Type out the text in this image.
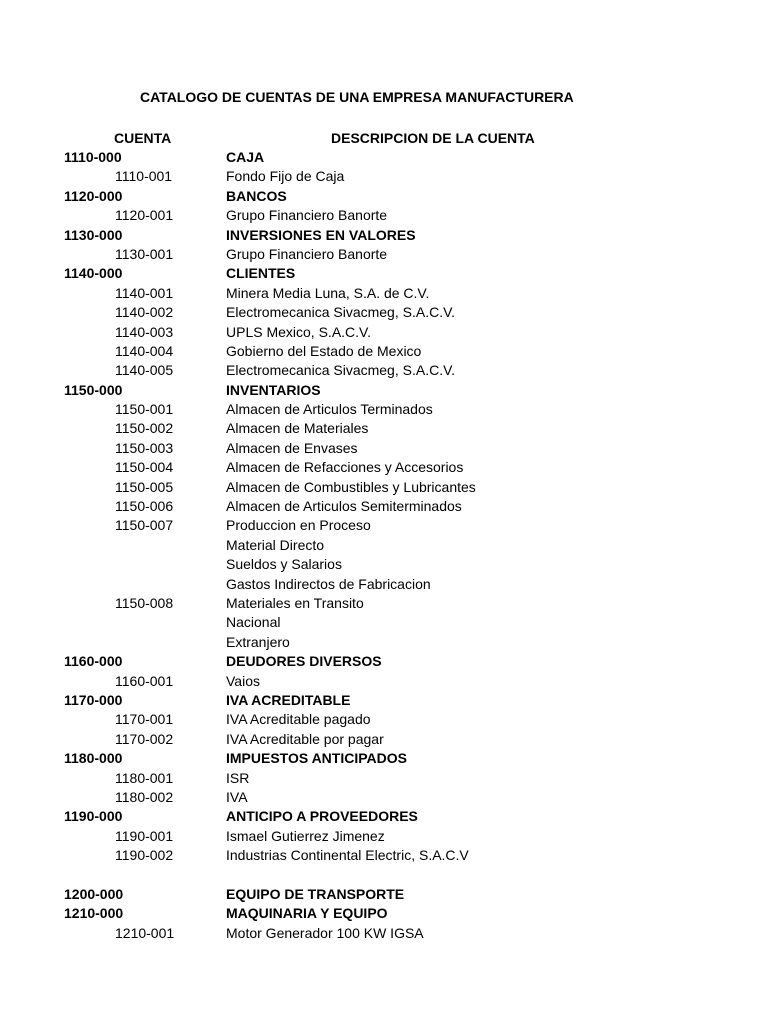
CATALOGO DE CUENTAS DE UNA EMPRESA MANUFACTURERA
CUENTA	DESCRIPCION DE LA CUENTA
1110-000	CAJA
1110-001	Fondo Fijo de Caja
1120-000	BANCOS
1120-001	Grupo Financiero Banorte
1130-000	INVERSIONES EN VALORES
1130-001	Grupo Financiero Banorte
1140-000	CLIENTES
1140-001	Minera Media Luna, S.A. de C.V.
1140-002	Electromecanica Sivacmeg, S.A.C.V.
1140-003	UPLS Mexico, S.A.C.V.
1140-004	Gobierno del Estado de Mexico
1140-005	Electromecanica Sivacmeg, S.A.C.V.
1150-000	INVENTARIOS
1150-001	Almacen de Articulos Terminados
1150-002	Almacen de Materiales
1150-003	Almacen de Envases
1150-004	Almacen de Refacciones y Accesorios
1150-005	Almacen de Combustibles y Lubricantes
1150-006	Almacen de Articulos Semiterminados
1150-007	Produccion en Proceso
Material Directo
Sueldos y Salarios
Gastos Indirectos de Fabricacion
1150-008	Materiales en Transito
Nacional
Extranjero
1160-000	DEUDORES DIVERSOS
1160-001	Vaios
1170-000	IVA ACREDITABLE
1170-001	IVA Acreditable pagado
1170-002	IVA Acreditable por pagar
1180-000	IMPUESTOS ANTICIPADOS
1180-001	ISR
1180-002	IVA
1190-000	ANTICIPO A PROVEEDORES
1190-001	Ismael Gutierrez Jimenez
1190-002	Industrias Continental Electric, S.A.C.V
1200-000	EQUIPO DE TRANSPORTE
1210-000	MAQUINARIA Y EQUIPO
1210-001	Motor Generador 100 KW IGSA
